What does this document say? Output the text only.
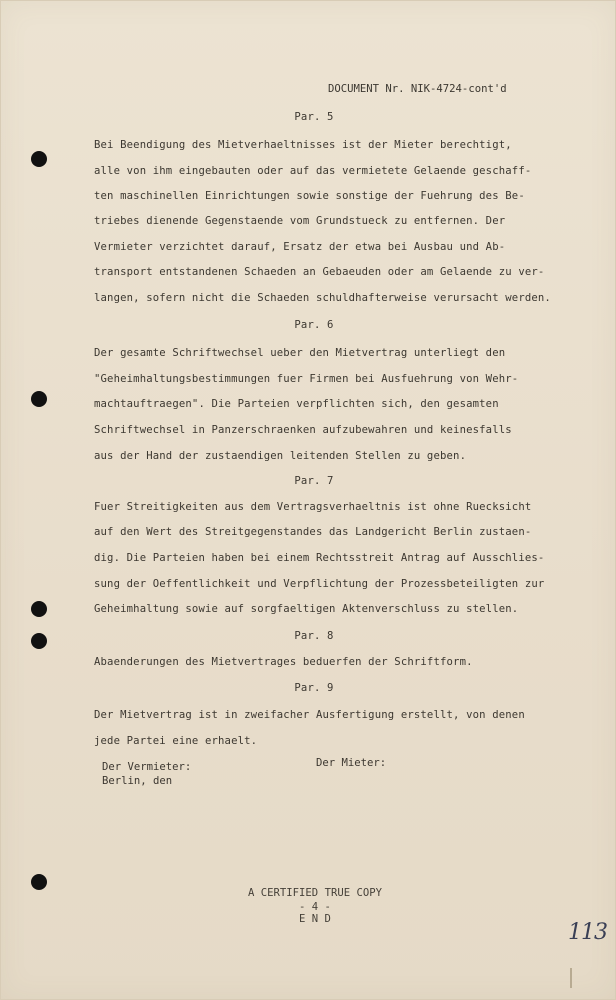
DOCUMENT Nr. NIK-4724-cont'd
Par. 5
Bei Beendigung des Mietverhaeltnisses ist der Mieter berechtigt,
alle von ihm eingebauten oder auf das vermietete Gelaende geschaff-
ten maschinellen Einrichtungen sowie sonstige der Fuehrung des Be-
triebes dienende Gegenstaende vom Grundstueck zu entfernen. Der
Vermieter verzichtet darauf, Ersatz der etwa bei Ausbau und Ab-
transport entstandenen Schaeden an Gebaeuden oder am Gelaende zu ver-
langen, sofern nicht die Schaeden schuldhafterweise verursacht werden.
Par. 6
Der gesamte Schriftwechsel ueber den Mietvertrag unterliegt den
"Geheimhaltungsbestimmungen fuer Firmen bei Ausfuehrung von Wehr-
machtauftraegen". Die Parteien verpflichten sich, den gesamten
Schriftwechsel in Panzerschraenken aufzubewahren und keinesfalls
aus der Hand der zustaendigen leitenden Stellen zu geben.
Par. 7
Fuer Streitigkeiten aus dem Vertragsverhaeltnis ist ohne Ruecksicht
auf den Wert des Streitgegenstandes das Landgericht Berlin zustaen-
dig. Die Parteien haben bei einem Rechtsstreit Antrag auf Ausschlies-
sung der Oeffentlichkeit und Verpflichtung der Prozessbeteiligten zur
Geheimhaltung sowie auf sorgfaeltigen Aktenverschluss zu stellen.
Par. 8
Abaenderungen des Mietvertrages beduerfen der Schriftform.
Par. 9
Der Mietvertrag ist in zweifacher Ausfertigung erstellt, von denen
jede Partei eine erhaelt.
Der Vermieter:
Berlin, den
Der Mieter:
A CERTIFIED TRUE COPY
- 4 -
E N D
113
